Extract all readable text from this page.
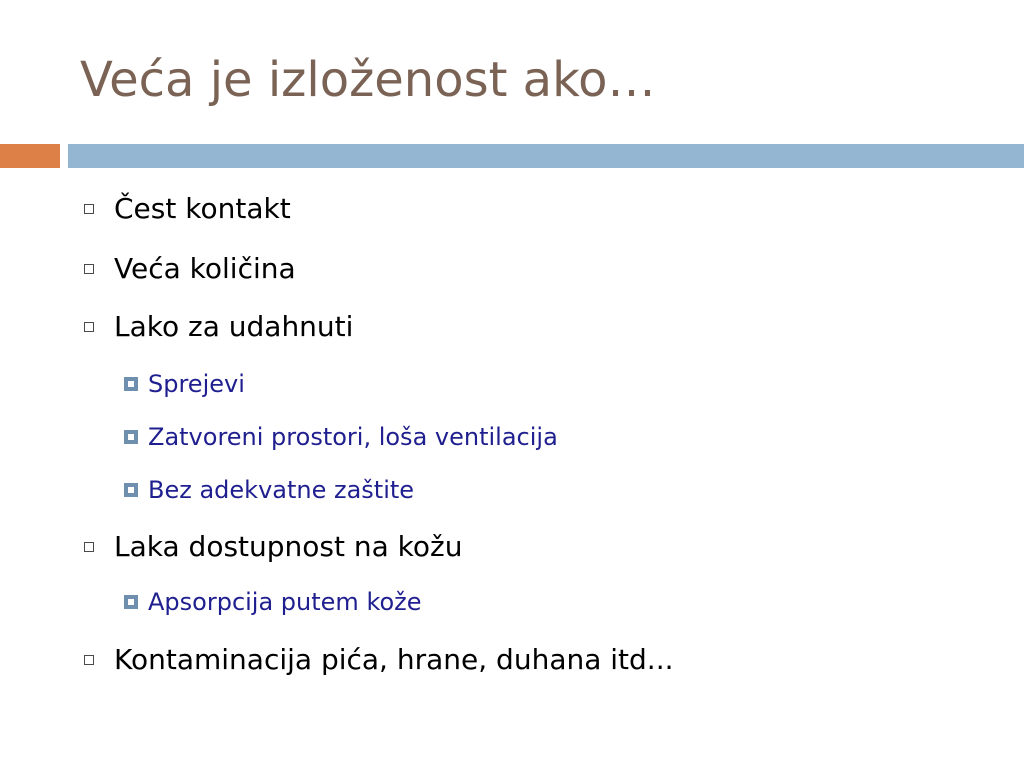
Veća je izloženost ako…
Čest kontakt
Veća količina
Lako za udahnuti
Sprejevi
Zatvoreni prostori, loša ventilacija
Bez adekvatne zaštite
Laka dostupnost na kožu
Apsorpcija putem kože
Kontaminacija pića, hrane, duhana itd...
